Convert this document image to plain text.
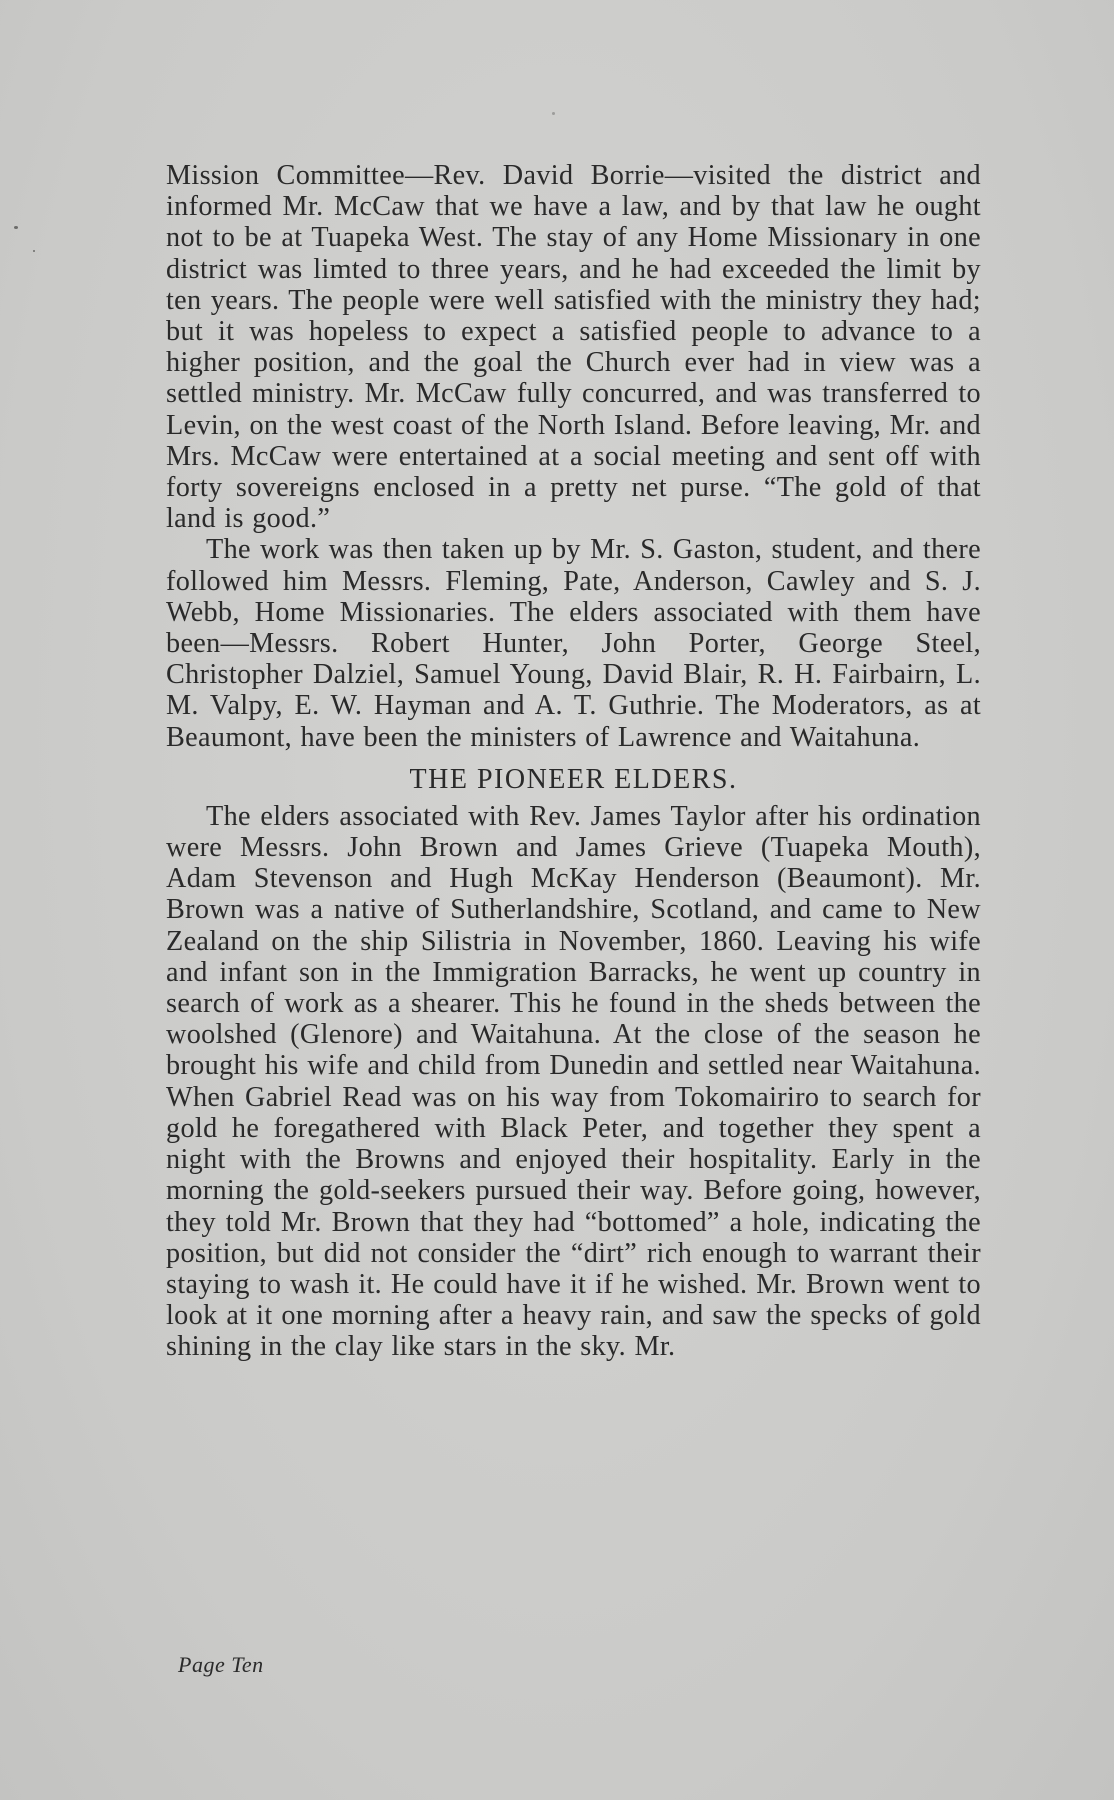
Mission Committee—Rev. David Borrie—visited the district and informed Mr. McCaw that we have a law, and by that law he ought not to be at Tuapeka West. The stay of any Home Missionary in one district was limted to three years, and he had exceeded the limit by ten years. The people were well satisfied with the ministry they had; but it was hopeless to expect a satisfied people to advance to a higher position, and the goal the Church ever had in view was a settled ministry. Mr. McCaw fully concurred, and was transferred to Levin, on the west coast of the North Island. Before leaving, Mr. and Mrs. McCaw were entertained at a social meeting and sent off with forty sovereigns enclosed in a pretty net purse. “The gold of that land is good.”

The work was then taken up by Mr. S. Gaston, student, and there followed him Messrs. Fleming, Pate, Anderson, Cawley and S. J. Webb, Home Missionaries. The elders associated with them have been—Messrs. Robert Hunter, John Porter, George Steel, Christopher Dalziel, Samuel Young, David Blair, R. H. Fairbairn, L. M. Valpy, E. W. Hayman and A. T. Guthrie. The Moderators, as at Beaumont, have been the ministers of Lawrence and Waitahuna.

THE PIONEER ELDERS.

The elders associated with Rev. James Taylor after his ordination were Messrs. John Brown and James Grieve (Tuapeka Mouth), Adam Stevenson and Hugh McKay Henderson (Beaumont). Mr. Brown was a native of Sutherlandshire, Scotland, and came to New Zealand on the ship Silistria in November, 1860. Leaving his wife and infant son in the Immigration Barracks, he went up country in search of work as a shearer. This he found in the sheds between the woolshed (Glenore) and Waitahuna. At the close of the season he brought his wife and child from Dunedin and settled near Waitahuna. When Gabriel Read was on his way from Tokomairiro to search for gold he foregathered with Black Peter, and together they spent a night with the Browns and enjoyed their hospitality. Early in the morning the gold-seekers pursued their way. Before going, however, they told Mr. Brown that they had “bottomed” a hole, indicating the position, but did not consider the “dirt” rich enough to warrant their staying to wash it. He could have it if he wished. Mr. Brown went to look at it one morning after a heavy rain, and saw the specks of gold shining in the clay like stars in the sky. Mr.

Page Ten
